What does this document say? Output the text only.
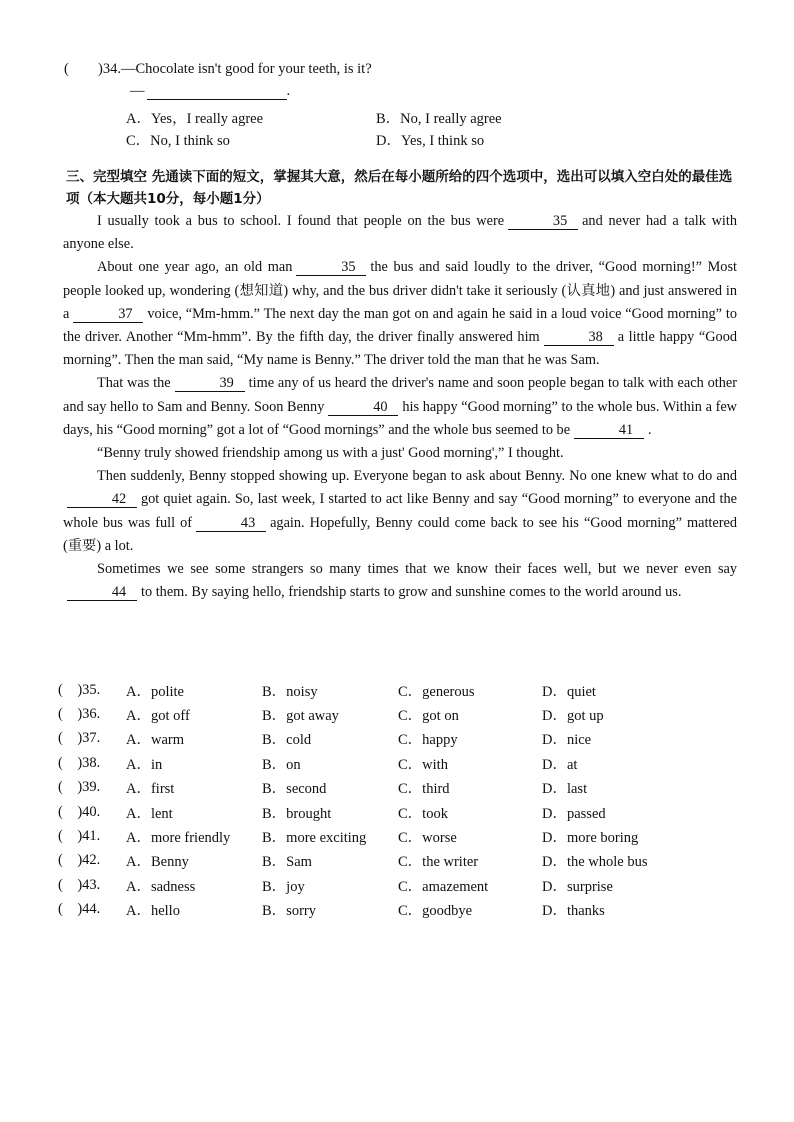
(	)34. —Chocolate isn't good for your teeth, is it?
—	.
A．Yes，I really agree	B．No, I really agree
C．No, I think so	D．Yes, I think so
三、完型填空 先通读下面的短文，掌握其大意，然后在每小题所给的四个选项中，选出可以填入空白处的最佳选项（本大题共10分，每小题1分）

I usually took a bus to school. I found that people on the bus were	35 and never had a talk with anyone else.

About one year ago, an old man	35 the bus and said loudly to the driver, “Good morning!” Most people looked up, wondering (想知道) why, and the bus driver didn't take it seriously (认真地) and just answered in a	37 voice, “Mm-hmm.” The next day the man got on and again he said in a loud voice “Good morning” to the driver. Another “Mm-hmm”. By the fifth day, the driver finally answered him	38 a little happy “Good morning”. Then the man said, “My name is Benny.” The driver told the man that he was Sam.

That was the	39 time any of us heard the driver's name and soon people began to talk with each other and say hello to Sam and Benny. Soon Benny	40 his happy “Good morning” to the whole bus. Within a few days, his “Good morning” got a lot of “Good mornings” and the whole bus seemed to be	41 .

“Benny truly showed friendship among us with a just' Good morning',” I thought.

Then suddenly, Benny stopped showing up. Everyone began to ask about Benny. No one knew what to do and42 got quiet again. So, last week, I started to act like Benny and say “Good morning” to everyone and the whole bus was full of	43 again. Hopefully, Benny could come back to see his “Good morning” mattered (重要) a lot.

Sometimes we see some strangers so many times that we know their faces well, but we never even say44 to them. By saying hello, friendship starts to grow and sunshine comes to the world around us.

(    )35.	A．polite	B．noisy	C．generous	D．quiet
(    )36.	A．got off	B．got away	C．got on	D．got up
(    )37.	A．warm	B．cold	C．happy	D．nice
(    )38.	A．in	B．on	C．with	D．at
(    )39.	A．first	B．second	C．third	D．last
(    )40.	A．lent	B．brought	C．took	D．passed
(    )41.	A．more friendly	B．more exciting	C．worse	D．more boring
(    )42.	A．Benny	B．Sam	C．the writer	D．the whole bus
(    )43.	A．sadness	B．joy	C．amazement	D．surprise
(    )44.	A．hello	B．sorry	C．goodbye	D．thanks
